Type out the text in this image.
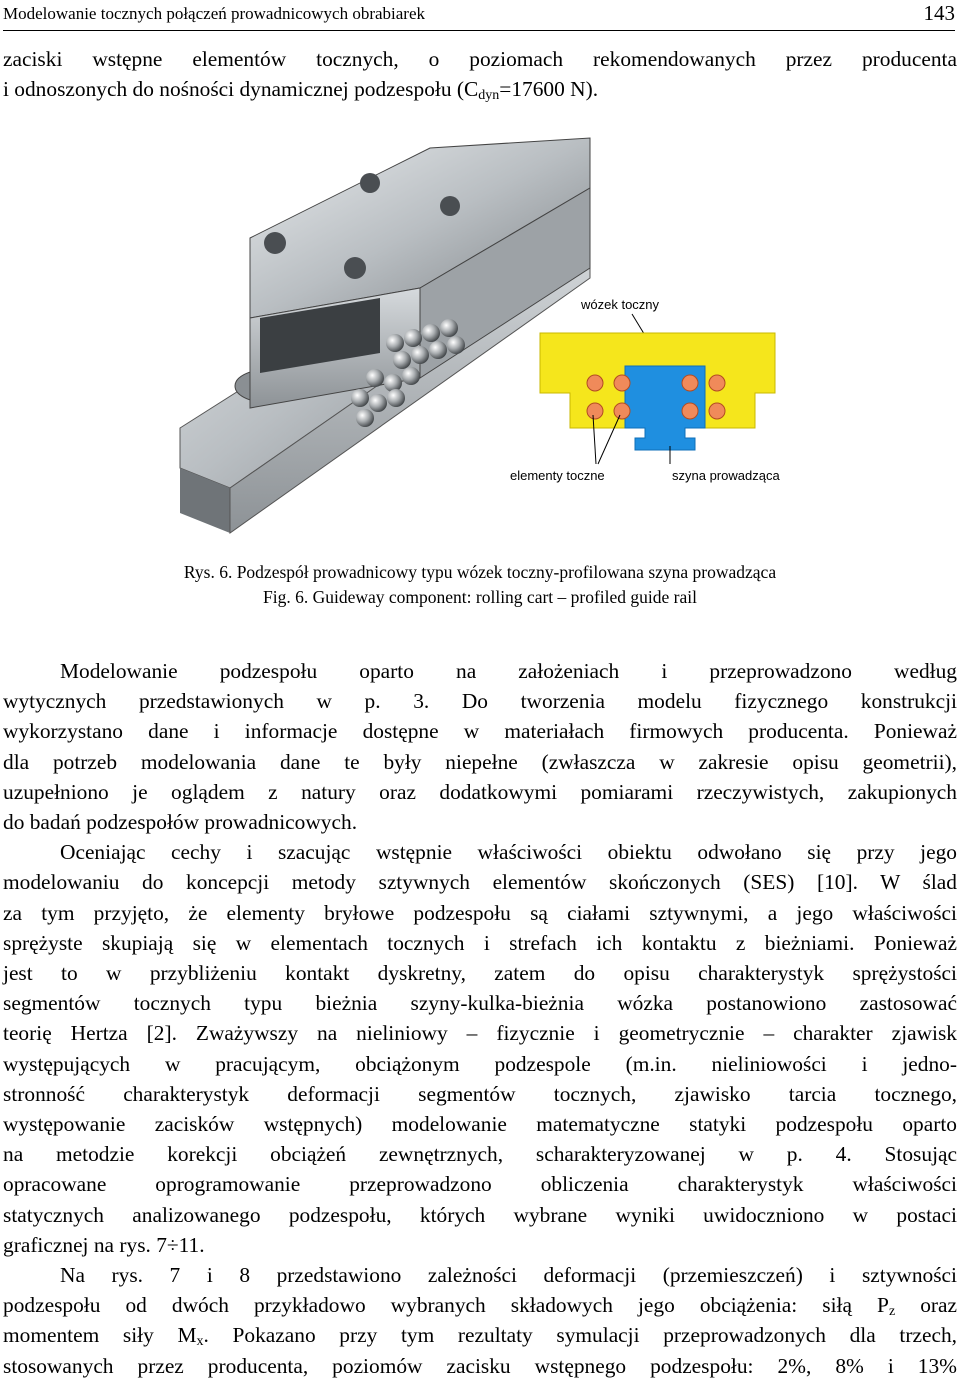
Modelowanie tocznych połączeń prowadnicowych obrabiarek	143
zaciski wstępne elementów tocznych, o poziomach rekomendowanych przez producenta
i odnoszonych do nośności dynamicznej podzespołu ($C_{dyn}=17600$ N).
wózek toczny
elementy toczne	szyna prowadząca
Rys. 6. Podzespół prowadnicowy typu wózek toczny-profilowana szyna prowadząca
Fig. 6. Guideway component: rolling cart – profiled guide rail
Modelowanie podzespołu oparto na założeniach i przeprowadzono według
wytycznych przedstawionych w p. 3. Do tworzenia modelu fizycznego konstrukcji
wykorzystano dane i informacje dostępne w materiałach firmowych producenta. Ponieważ
dla potrzeb modelowania dane te były niepełne (zwłaszcza w zakresie opisu geometrii),
uzupełniono je oglądem z natury oraz dodatkowymi pomiarami rzeczywistych, zakupionych
do badań podzespołów prowadnicowych.
Oceniając cechy i szacując wstępnie właściwości obiektu odwołano się przy jego
modelowaniu do koncepcji metody sztywnych elementów skończonych (SES) [10]. W ślad
za tym przyjęto, że elementy bryłowe podzespołu są ciałami sztywnymi, a jego właściwości
sprężyste skupiają się w elementach tocznych i strefach ich kontaktu z bieżniami. Ponieważ
jest to w przybliżeniu kontakt dyskretny, zatem do opisu charakterystyk sprężystości
segmentów tocznych typu bieżnia szyny-kulka-bieżnia wózka postanowiono zastosować
teorię Hertza [2]. Zważywszy na nieliniowy – fizycznie i geometrycznie – charakter zjawisk
występujących w pracującym, obciążonym podzespole (m.in. nieliniowości i jedno-
stronność charakterystyk deformacji segmentów tocznych, zjawisko tarcia tocznego,
występowanie zacisków wstępnych) modelowanie matematyczne statyki podzespołu oparto
na metodzie korekcji obciążeń zewnętrznych, scharakteryzowanej w p. 4. Stosując
opracowane oprogramowanie przeprowadzono obliczenia charakterystyk właściwości
statycznych analizowanego podzespołu, których wybrane wyniki uwidoczniono w postaci
graficznej na rys. 7÷11.
Na rys. 7 i 8 przedstawiono zależności deformacji (przemieszczeń) i sztywności
podzespołu od dwóch przykładowo wybranych składowych jego obciążenia: siłą $P_z$ oraz
momentem siły $M_x$. Pokazano przy tym rezultaty symulacji przeprowadzonych dla trzech,
stosowanych przez producenta, poziomów zacisku wstępnego podzespołu: 2%, 8% i 13%
